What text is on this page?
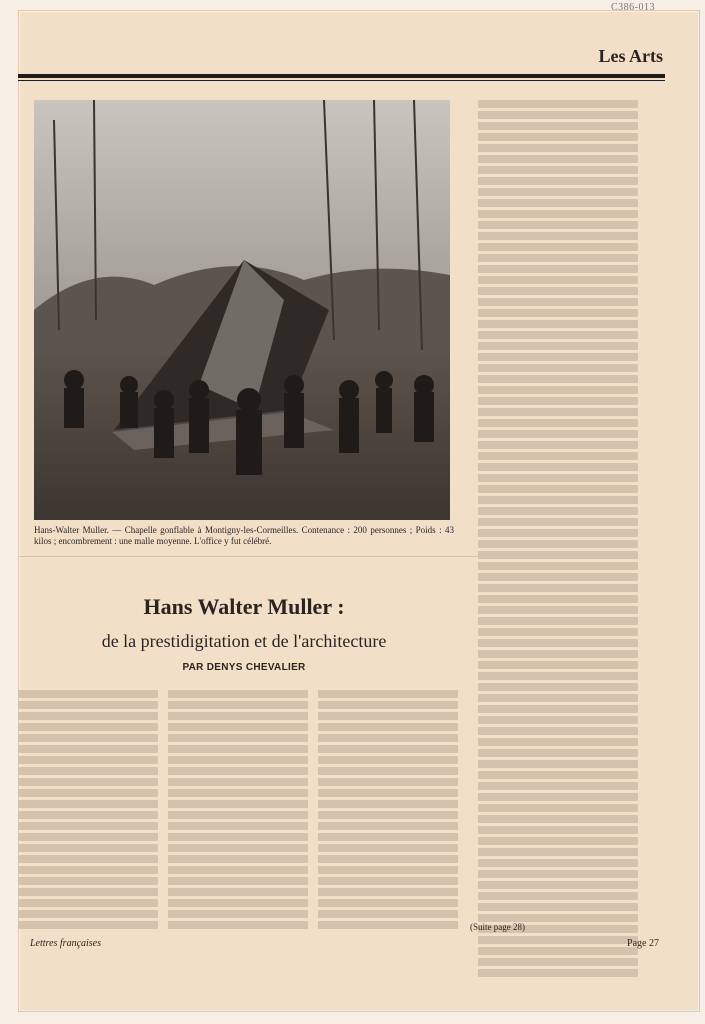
C386-013
Les Arts
Hans-Walter Muller. — Chapelle gonflable à Montigny-les-Cormeilles. Contenance : 200 personnes ; Poids : 43 kilos ; encombrement : une malle moyenne. L'office y fut célébré.
Hans Walter Muller :
de la prestidigitation et de l'architecture
PAR DENYS CHEVALIER
(Suite page 28)
Lettres françaises	Page 27
